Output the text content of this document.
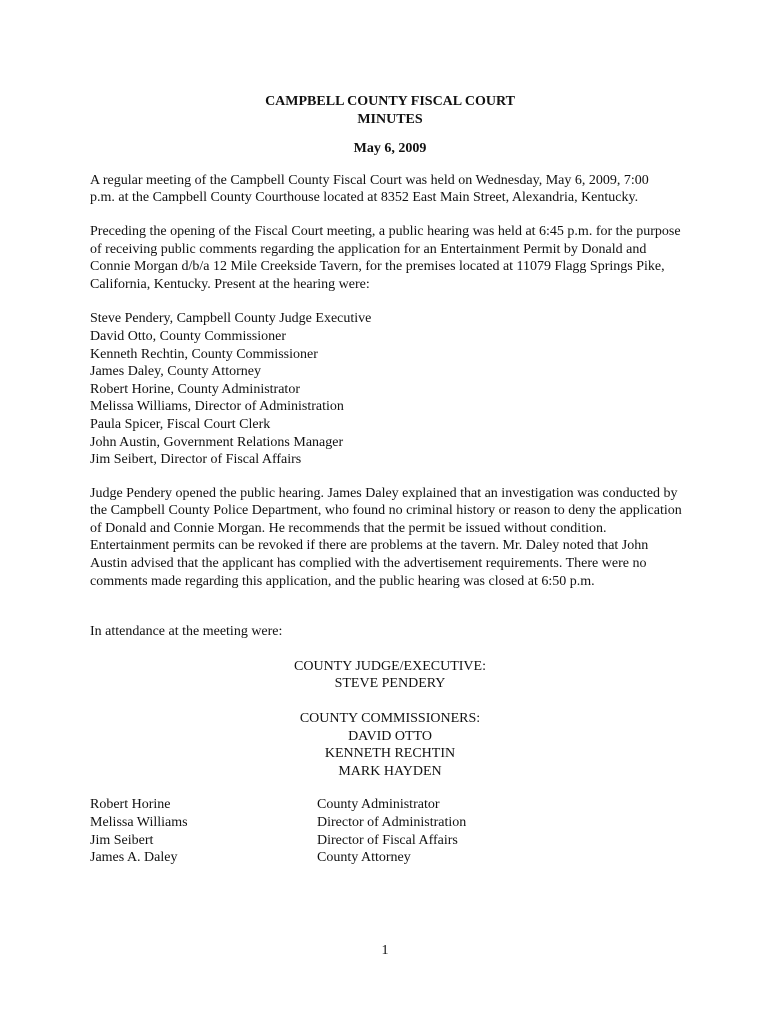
CAMPBELL COUNTY FISCAL COURT
MINUTES
May 6, 2009

A regular meeting of the Campbell County Fiscal Court was held on Wednesday, May 6, 2009, 7:00 p.m. at the Campbell County Courthouse located at 8352 East Main Street, Alexandria, Kentucky.

Preceding the opening of the Fiscal Court meeting, a public hearing was held at 6:45 p.m. for the purpose of receiving public comments regarding the application for an Entertainment Permit by Donald and Connie Morgan d/b/a 12 Mile Creekside Tavern, for the premises located at 11079 Flagg Springs Pike, California, Kentucky. Present at the hearing were:

Steve Pendery, Campbell County Judge Executive
David Otto, County Commissioner
Kenneth Rechtin, County Commissioner
James Daley, County Attorney
Robert Horine, County Administrator
Melissa Williams, Director of Administration
Paula Spicer, Fiscal Court Clerk
John Austin, Government Relations Manager
Jim Seibert, Director of Fiscal Affairs

Judge Pendery opened the public hearing. James Daley explained that an investigation was conducted by the Campbell County Police Department, who found no criminal history or reason to deny the application of Donald and Connie Morgan. He recommends that the permit be issued without condition. Entertainment permits can be revoked if there are problems at the tavern. Mr. Daley noted that John Austin advised that the applicant has complied with the advertisement requirements. There were no comments made regarding this application, and the public hearing was closed at 6:50 p.m.

In attendance at the meeting were:

COUNTY JUDGE/EXECUTIVE:
STEVE PENDERY
COUNTY COMMISSIONERS:
DAVID OTTO
KENNETH RECHTIN
MARK HAYDEN
Robert Horine	County Administrator
Melissa Williams	Director of Administration
Jim Seibert	Director of Fiscal Affairs
James A. Daley	County Attorney
1
